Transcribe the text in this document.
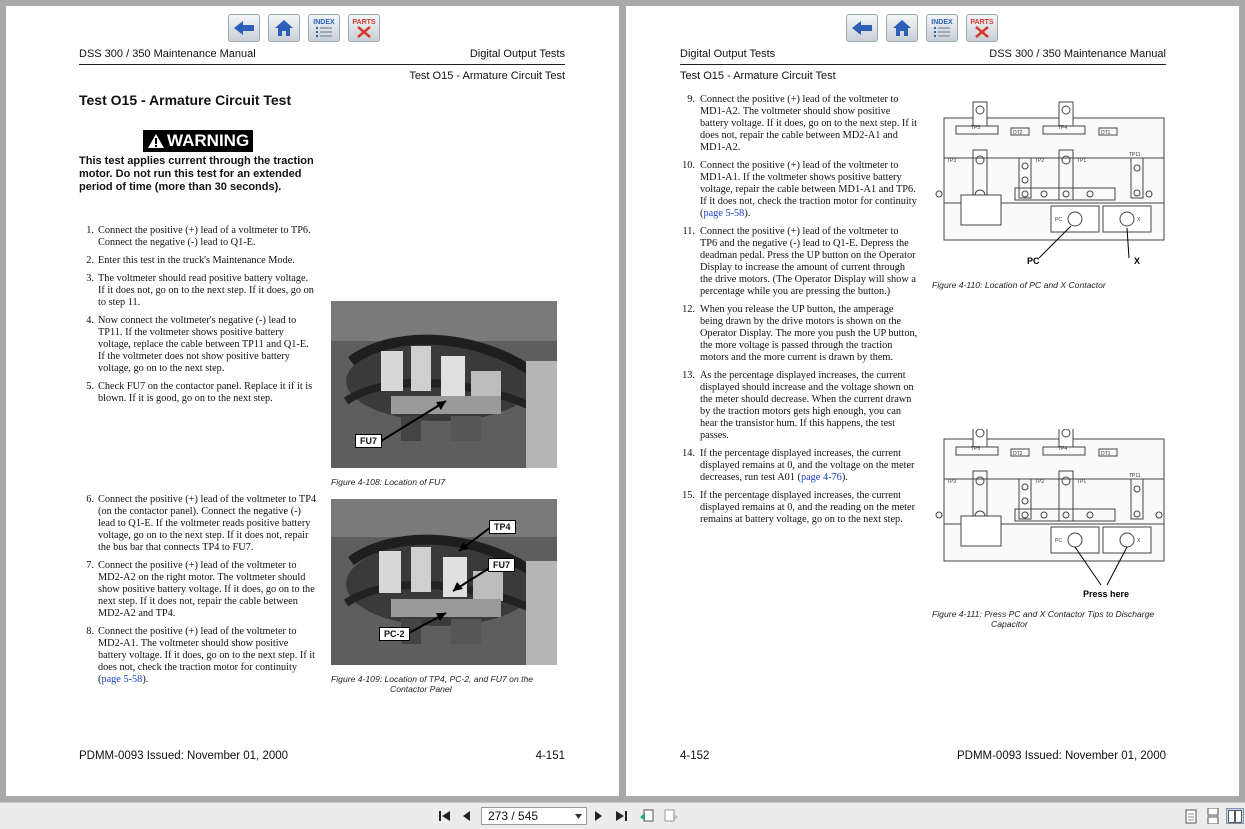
INDEX	PARTS
DSS 300 / 350 Maintenance Manual	Digital Output Tests
Test O15 - Armature Circuit Test
Test O15 - Armature Circuit Test
WARNING
This test applies current through the traction motor. Do not run this test for an extended period of time (more than 30 seconds).
1. Connect the positive (+) lead of a voltmeter to TP6. Connect the negative (-) lead to Q1-E.
2. Enter this test in the truck's Maintenance Mode.
3. The voltmeter should read positive battery voltage. If it does not, go on to the next step. If it does, go on to step 11.
4. Now connect the voltmeter's negative (-) lead to TP11. If the voltmeter shows positive battery voltage, replace the cable between TP11 and Q1-E. If the voltmeter does not show positive battery voltage, go on to the next step.
5. Check FU7 on the contactor panel. Replace it if it is blown. If it is good, go on to the next step.
6. Connect the positive (+) lead of the voltmeter to TP4 (on the contactor panel). Connect the negative (-) lead to Q1-E. If the voltmeter reads positive battery voltage, go on to the next step. If it does not, repair the bus bar that connects TP4 to FU7.
7. Connect the positive (+) lead of the voltmeter to MD2-A2 on the right motor. The voltmeter should show positive battery voltage. If it does, go on to the next step. If it does not, repair the cable between MD2-A2 and TP4.
8. Connect the positive (+) lead of the voltmeter to MD2-A1. The voltmeter should show positive battery voltage. If it does, go on to the next step. If it does not, check the traction motor for continuity (page 5-58).
FU7
Figure 4-108: Location of FU7
TP4
FU7
PC-2
Figure 4-109: Location of TP4, PC-2, and FU7 on the
Contactor Panel
PDMM-0093 Issued: November 01, 2000	4-151
INDEX	PARTS
Digital Output Tests	DSS 300 / 350 Maintenance Manual
Test O15 - Armature Circuit Test
9. Connect the positive (+) lead of the voltmeter to MD1-A2. The voltmeter should show positive battery voltage. If it does, go on to the next step. If it does not, repair the cable between MD2-A1 and MD1-A2.
10. Connect the positive (+) lead of the voltmeter to MD1-A1. If the voltmeter shows positive battery voltage, repair the cable between MD1-A1 and TP6. If it does not, check the traction motor for continuity (page 5-58).
11. Connect the positive (+) lead of the voltmeter to TP6 and the negative (-) lead to Q1-E. Depress the deadman pedal. Press the UP button on the Operator Display to increase the amount of current through the drive motors. (The Operator Display will show a percentage while you are pressing the button.)
12. When you release the UP button, the amperage being drawn by the drive motors is shown on the Operator Display. The more you push the UP button, the more voltage is passed through the traction motors and the more current is drawn by them.
13. As the percentage displayed increases, the current displayed should increase and the voltage shown on the meter should decrease. When the current drawn by the traction motors gets high enough, you can hear the transistor hum. If this happens, the test passes.
14. If the percentage displayed increases, the current displayed remains at 0, and the voltage on the meter decreases, run test A01 (page 4-76).
15. If the percentage displayed increases, the current displayed remains at 0, and the reading on the meter remains at battery voltage, go on to the next step.
TP5	TP4
DT2	DT1
TP3	TP2	TP1
TP11
PC	X
PC	X
Figure 4-110: Location of PC and X Contactor
TP5	TP4
DT2	DT1
TP3	TP2	TP1
TP11
PC	X
Press here
Figure 4-111: Press PC and X Contactor Tips to Discharge
Capacitor
4-152	PDMM-0093 Issued: November 01, 2000
273 / 545
